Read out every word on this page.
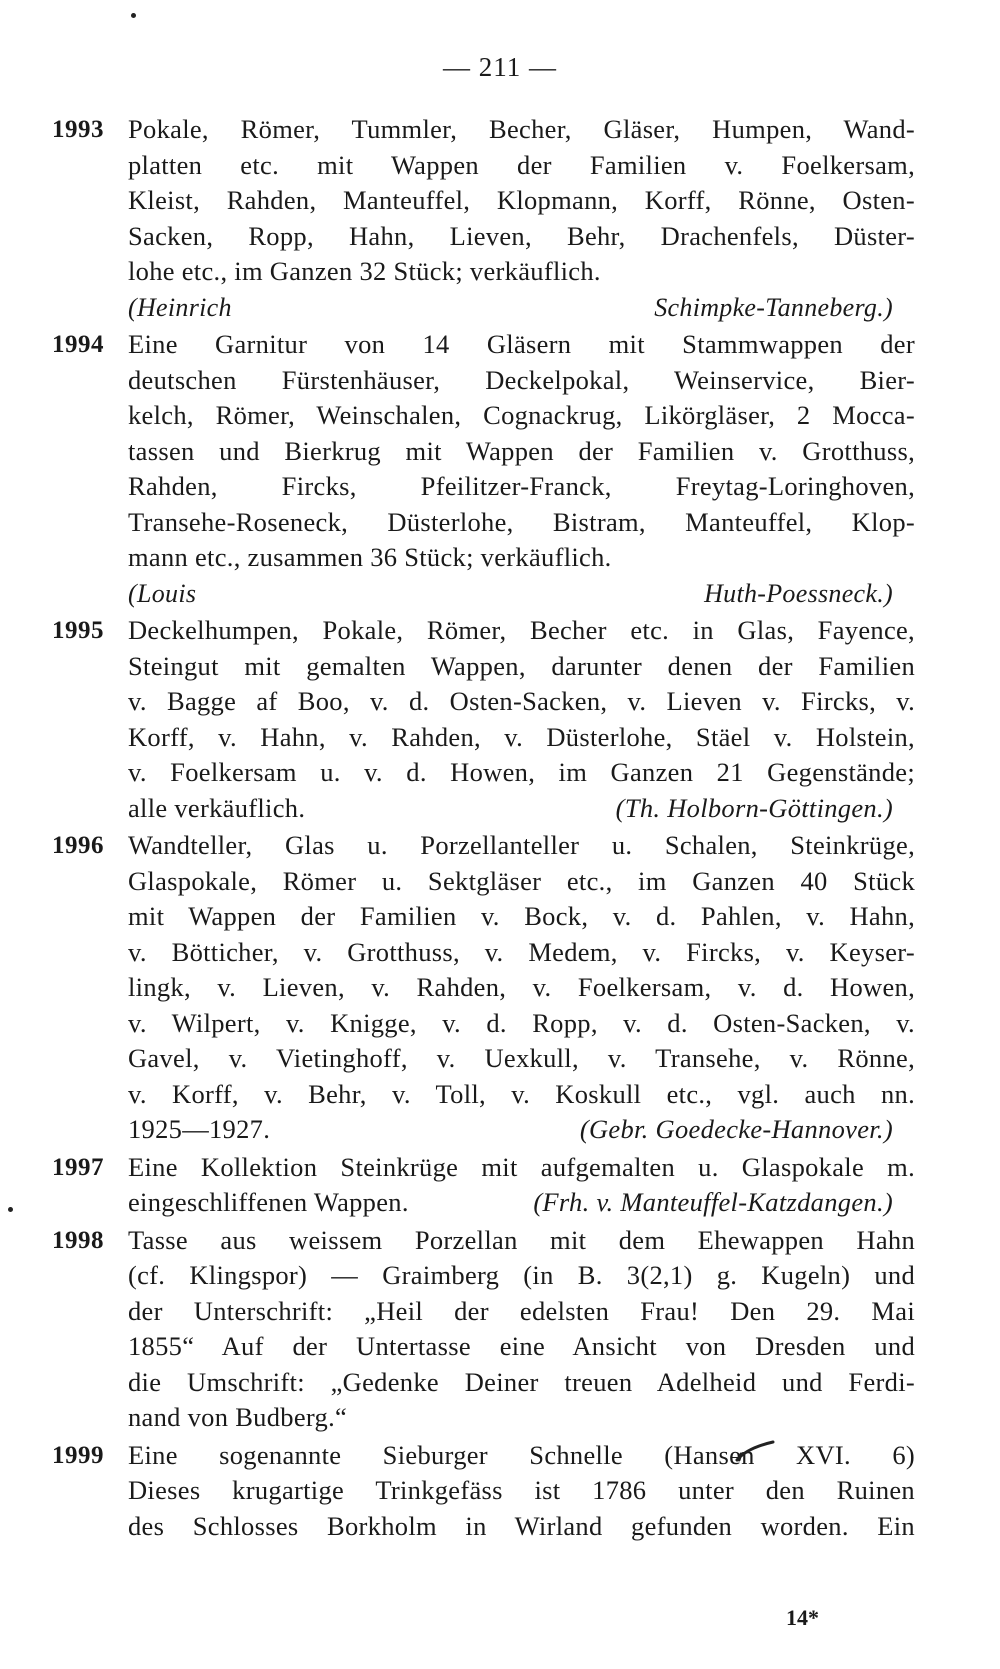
— 211 —
1993 Pokale, Römer, Tummler, Becher, Gläser, Humpen, Wand-
platten etc. mit Wappen der Familien v. Foelkersam,
Kleist, Rahden, Manteuffel, Klopmann, Korff, Rönne, Osten-
Sacken, Ropp, Hahn, Lieven, Behr, Drachenfels, Düster-
lohe etc., im Ganzen 32 Stück; verkäuflich.
(Heinrich Schimpke-Tanneberg.)
1994 Eine Garnitur von 14 Gläsern mit Stammwappen der
deutschen Fürstenhäuser, Deckelpokal, Weinservice, Bier-
kelch, Römer, Weinschalen, Cognackrug, Likörgläser, 2 Mocca-
tassen und Bierkrug mit Wappen der Familien v. Grotthuss,
Rahden, Fircks, Pfeilitzer-Franck, Freytag-Loringhoven,
Transehe-Roseneck, Düsterlohe, Bistram, Manteuffel, Klop-
mann etc., zusammen 36 Stück; verkäuflich.
(Louis Huth-Poessneck.)
1995 Deckelhumpen, Pokale, Römer, Becher etc. in Glas, Fayence,
Steingut mit gemalten Wappen, darunter denen der Familien
v. Bagge af Boo, v. d. Osten-Sacken, v. Lieven v. Fircks, v.
Korff, v. Hahn, v. Rahden, v. Düsterlohe, Stäel v. Holstein,
v. Foelkersam u. v. d. Howen, im Ganzen 21 Gegenstände;
alle verkäuflich.	(Th. Holborn-Göttingen.)
1996 Wandteller, Glas u. Porzellanteller u. Schalen, Steinkrüge,
Glaspokale, Römer u. Sektgläser etc., im Ganzen 40 Stück
mit Wappen der Familien v. Bock, v. d. Pahlen, v. Hahn,
v. Bötticher, v. Grotthuss, v. Medem, v. Fircks, v. Keyser-
lingk, v. Lieven, v. Rahden, v. Foelkersam, v. d. Howen,
v. Wilpert, v. Knigge, v. d. Ropp, v. d. Osten-Sacken, v.
Gavel, v. Vietinghoff, v. Uexkull, v. Transehe, v. Rönne,
v. Korff, v. Behr, v. Toll, v. Koskull etc., vgl. auch nn.
1925—1927.	(Gebr. Goedecke-Hannover.)
1997 Eine Kollektion Steinkrüge mit aufgemalten u. Glaspokale m.
eingeschliffenen Wappen.	(Frh. v. Manteuffel-Katzdangen.)
1998 Tasse aus weissem Porzellan mit dem Ehewappen Hahn
(cf. Klingspor) — Graimberg (in B. 3(2,1) g. Kugeln) und
der Unterschrift: „Heil der edelsten Frau! Den 29. Mai
1855“ Auf der Untertasse eine Ansicht von Dresden und
die Umschrift: „Gedenke Deiner treuen Adelheid und Ferdi-
nand von Budberg.“
1999 Eine sogenannte Sieburger Schnelle (Hansen XVI. 6)
Dieses krugartige Trinkgefäss ist 1786 unter den Ruinen
des Schlosses Borkholm in Wirland gefunden worden. Ein
14*
